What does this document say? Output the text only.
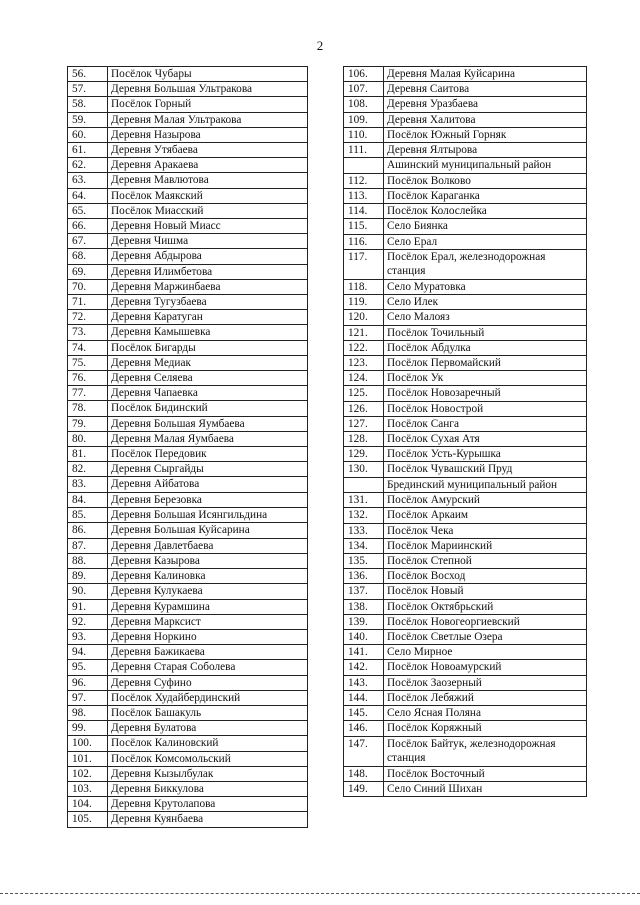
2
56.	Посёлок Чубары
57.	Деревня Большая Ультракова
58.	Посёлок Горный
59.	Деревня Малая Ультракова
60.	Деревня Назырова
61.	Деревня Утябаева
62.	Деревня Аракаева
63.	Деревня Мавлютова
64.	Посёлок Маякский
65.	Посёлок Миасский
66.	Деревня Новый Миасс
67.	Деревня Чишма
68.	Деревня Абдырова
69.	Деревня Илимбетова
70.	Деревня Маржинбаева
71.	Деревня Тугузбаева
72.	Деревня Каратуган
73.	Деревня Камышевка
74.	Посёлок Бигарды
75.	Деревня Медиак
76.	Деревня Селяева
77.	Деревня Чапаевка
78.	Посёлок Бидинский
79.	Деревня Большая Яумбаева
80.	Деревня Малая Яумбаева
81.	Посёлок Передовик
82.	Деревня Сыргайды
83.	Деревня Айбатова
84.	Деревня Березовка
85.	Деревня Большая Исянгильдина
86.	Деревня Большая Куйсарина
87.	Деревня Давлетбаева
88.	Деревня Казырова
89.	Деревня Калиновка
90.	Деревня Кулукаева
91.	Деревня Курамшина
92.	Деревня Марксист
93.	Деревня Норкино
94.	Деревня Бажикаева
95.	Деревня Старая Соболева
96.	Деревня Суфино
97.	Посёлок Худайбердинский
98.	Посёлок Башакуль
99.	Деревня Булатова
100.	Посёлок Калиновский
101.	Посёлок Комсомольский
102.	Деревня Кызылбулак
103.	Деревня Биккулова
104.	Деревня Крутолапова
105.	Деревня Куянбаева
106.	Деревня Малая Куйсарина
107.	Деревня Саитова
108.	Деревня Уразбаева
109.	Деревня Халитова
110.	Посёлок Южный Горняк
111.	Деревня Ялтырова
	Ашинский муниципальный район
112.	Посёлок Волково
113.	Посёлок Караганка
114.	Посёлок Колослейка
115.	Село Биянка
116.	Село Ерал
117.	Посёлок Ерал, железнодорожная станция
118.	Село Муратовка
119.	Село Илек
120.	Село Малояз
121.	Посёлок Точильный
122.	Посёлок Абдулка
123.	Посёлок Первомайский
124.	Посёлок Ук
125.	Посёлок Новозаречный
126.	Посёлок Новострой
127.	Посёлок Санга
128.	Посёлок Сухая Атя
129.	Посёлок Усть-Курышка
130.	Посёлок Чувашский Пруд
	Брединский муниципальный район
131.	Посёлок Амурский
132.	Посёлок Аркаим
133.	Посёлок Чека
134.	Посёлок Мариинский
135.	Посёлок Степной
136.	Посёлок Восход
137.	Посёлок Новый
138.	Посёлок Октябрьский
139.	Посёлок Новогеоргиевский
140.	Посёлок Светлые Озера
141.	Село Мирное
142.	Посёлок Новоамурский
143.	Посёлок Заозерный
144.	Посёлок Лебяжий
145.	Село Ясная Поляна
146.	Посёлок Коряжный
147.	Посёлок Байтук, железнодорожная станция
148.	Посёлок Восточный
149.	Село Синий Шихан
